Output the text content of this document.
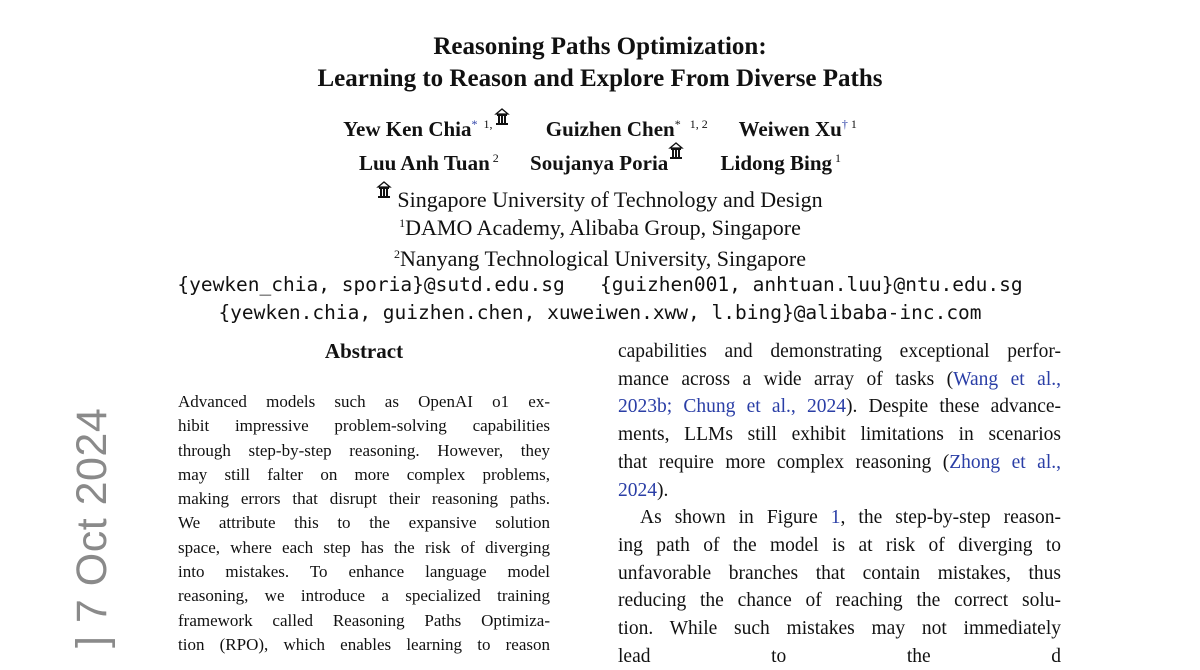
] 7 Oct 2024
Reasoning Paths Optimization:
Learning to Reason and Explore From Diverse Paths
Yew Ken Chia$^{* 1,}$	Guizhen Chen$^{* 1, 2}$ Weiwen Xu$^{\dagger 1}$
Luu Anh Tuan $^2$ Soujanya Poria Lidong Bing $^1$
Singapore University of Technology and Design
$^1$DAMO Academy, Alibaba Group, Singapore
$^2$Nanyang Technological University, Singapore
{yewken_chia, sporia}@sutd.edu.sg {guizhen001, anhtuan.luu}@ntu.edu.sg
{yewken.chia, guizhen.chen, xuweiwen.xww, l.bing}@alibaba-inc.com
Abstract
Advanced models such as OpenAI o1 ex-
hibit impressive problem-solving capabilities
through step-by-step reasoning. However, they
may still falter on more complex problems,
making errors that disrupt their reasoning paths.
We attribute this to the expansive solution
space, where each step has the risk of diverging
into mistakes. To enhance language model
reasoning, we introduce a specialized training
framework called Reasoning Paths Optimiza-
tion (RPO), which enables learning to reason
capabilities and demonstrating exceptional perfor-
mance across a wide array of tasks (Wang et al.,
2023b; Chung et al., 2024). Despite these advance-
ments, LLMs still exhibit limitations in scenarios
that require more complex reasoning (Zhong et al.,
2024).
As shown in Figure 1, the step-by-step reason-
ing path of the model is at risk of diverging to
unfavorable branches that contain mistakes, thus
reducing the chance of reaching the correct solu-
tion. While such mistakes may not immediately
lead to the d
